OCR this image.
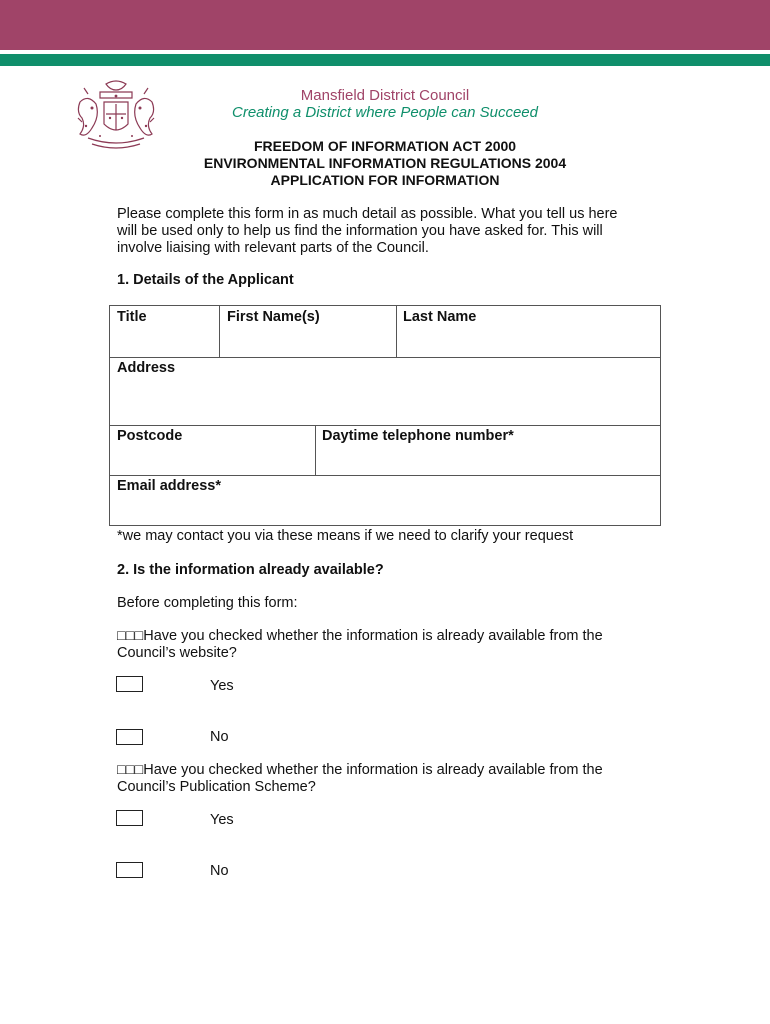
Mansfield District Council
Creating a District where People can Succeed
FREEDOM OF INFORMATION ACT 2000
ENVIRONMENTAL INFORMATION REGULATIONS 2004
APPLICATION FOR INFORMATION
Please complete this form in as much detail as possible. What you tell us here
will be used only to help us find the information you have asked for. This will
involve liaising with relevant parts of the Council.
1. Details of the Applicant
Title	First Name(s)	Last Name
Address
Postcode	Daytime telephone number*
Email address*
*we may contact you via these means if we need to clarify your request
2. Is the information already available?
Before completing this form:
□□□Have you checked whether the information is already available from the
Council’s website?
Yes
No
□□□Have you checked whether the information is already available from the
Council’s Publication Scheme?
Yes
No
